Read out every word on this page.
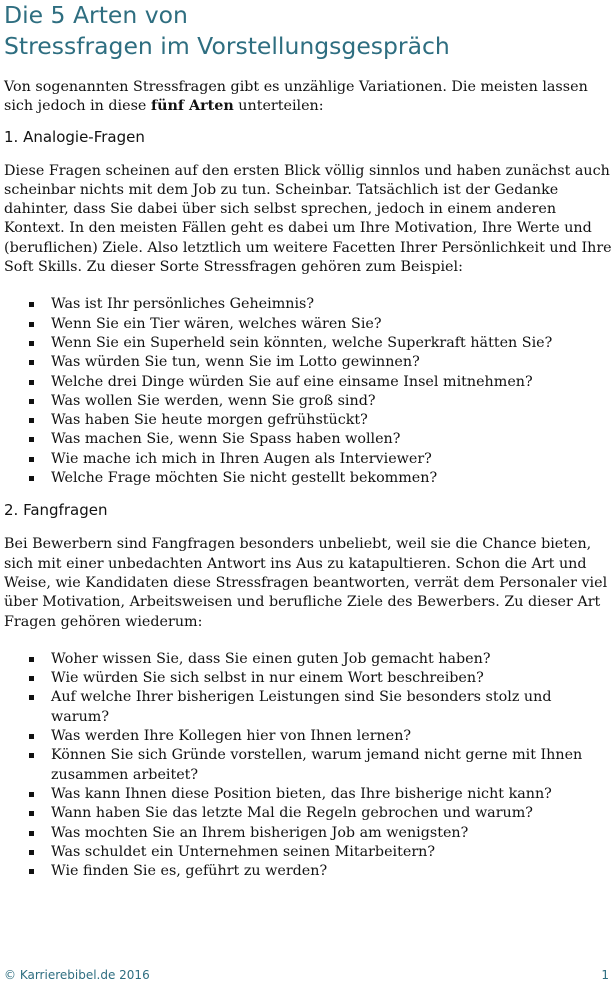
Die 5 Arten von
Stressfragen im Vorstellungsgespräch

Von sogenannten Stressfragen gibt es unzählige Variationen. Die meisten lassen sich jedoch in diese fünf Arten unterteilen:

1. Analogie-Fragen

Diese Fragen scheinen auf den ersten Blick völlig sinnlos und haben zunächst auch scheinbar nichts mit dem Job zu tun. Scheinbar. Tatsächlich ist der Gedanke dahinter, dass Sie dabei über sich selbst sprechen, jedoch in einem anderen Kontext. In den meisten Fällen geht es dabei um Ihre Motivation, Ihre Werte und (beruflichen) Ziele. Also letztlich um weitere Facetten Ihrer Persönlichkeit und Ihre Soft Skills. Zu dieser Sorte Stressfragen gehören zum Beispiel:

Was ist Ihr persönliches Geheimnis?
Wenn Sie ein Tier wären, welches wären Sie?
Wenn Sie ein Superheld sein könnten, welche Superkraft hätten Sie?
Was würden Sie tun, wenn Sie im Lotto gewinnen?
Welche drei Dinge würden Sie auf eine einsame Insel mitnehmen?
Was wollen Sie werden, wenn Sie groß sind?
Was haben Sie heute morgen gefrühstückt?
Was machen Sie, wenn Sie Spass haben wollen?
Wie mache ich mich in Ihren Augen als Interviewer?
Welche Frage möchten Sie nicht gestellt bekommen?
2. Fangfragen

Bei Bewerbern sind Fangfragen besonders unbeliebt, weil sie die Chance bieten, sich mit einer unbedachten Antwort ins Aus zu katapultieren. Schon die Art und Weise, wie Kandidaten diese Stressfragen beantworten, verrät dem Personaler viel über Motivation, Arbeitsweisen und berufliche Ziele des Bewerbers. Zu dieser Art Fragen gehören wiederum:

Woher wissen Sie, dass Sie einen guten Job gemacht haben?
Wie würden Sie sich selbst in nur einem Wort beschreiben?
Auf welche Ihrer bisherigen Leistungen sind Sie besonders stolz und warum?
Was werden Ihre Kollegen hier von Ihnen lernen?
Können Sie sich Gründe vorstellen, warum jemand nicht gerne mit Ihnen zusammen arbeitet?
Was kann Ihnen diese Position bieten, das Ihre bisherige nicht kann?
Wann haben Sie das letzte Mal die Regeln gebrochen und warum?
Was mochten Sie an Ihrem bisherigen Job am wenigsten?
Was schuldet ein Unternehmen seinen Mitarbeitern?
Wie finden Sie es, geführt zu werden?
© Karrierebibel.de 2016	1
